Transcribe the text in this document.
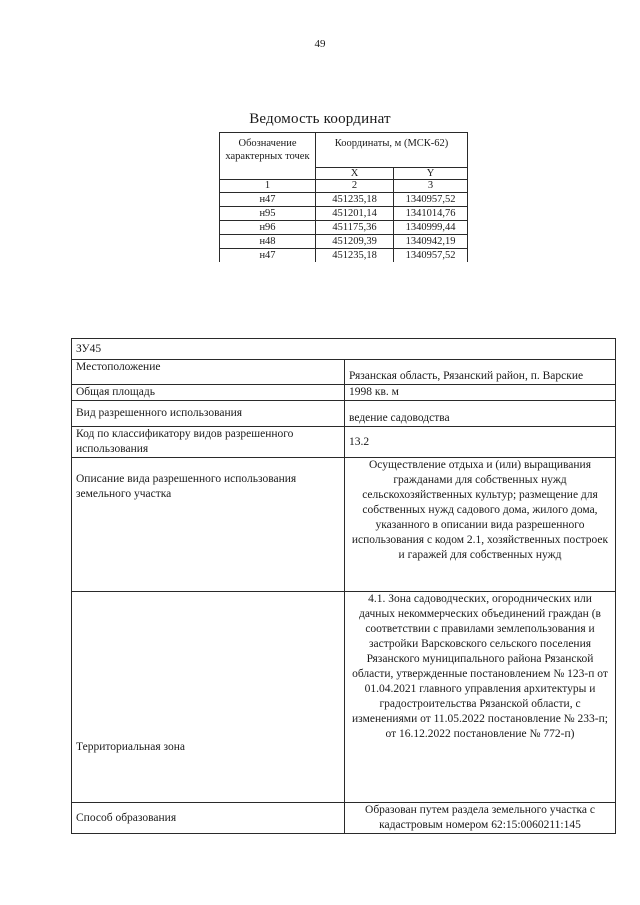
49
Ведомость координат
Обозначение характерных точек	Координаты, м (МСК-62)	
	X	Y
1	2	3
н47	451235,18	1340957,52
н95	451201,14	1341014,76
н96	451175,36	1340999,44
н48	451209,39	1340942,19
н47	451235,18	1340957,52
ЗУ45	
Местоположение	Рязанская область, Рязанский район, п. Варские
Общая площадь	1998 кв. м
Вид разрешенного использования	ведение садоводства
Код по классификатору видов разрешенного использования	13.2
Описание вида разрешенного использования земельного участка	Осуществление отдыха и (или) выращивания гражданами для собственных нужд сельскохозяйственных культур; размещение для собственных нужд садового дома, жилого дома, указанного в описании вида разрешенного использования с кодом 2.1, хозяйственных построек и гаражей для собственных нужд
Территориальная зона	4.1. Зона садоводческих, огороднических или дачных некоммерческих объединений граждан (в соответствии с правилами землепользования и застройки Варсковского сельского поселения Рязанского муниципального района Рязанской области, утвержденные постановлением № 123-п от 01.04.2021 главного управления архитектуры и градостроительства Рязанской области, с изменениями от 11.05.2022 постановление № 233-п; от 16.12.2022 постановление № 772-п)
Способ образования	Образован путем раздела земельного участка с кадастровым номером 62:15:0060211:145
